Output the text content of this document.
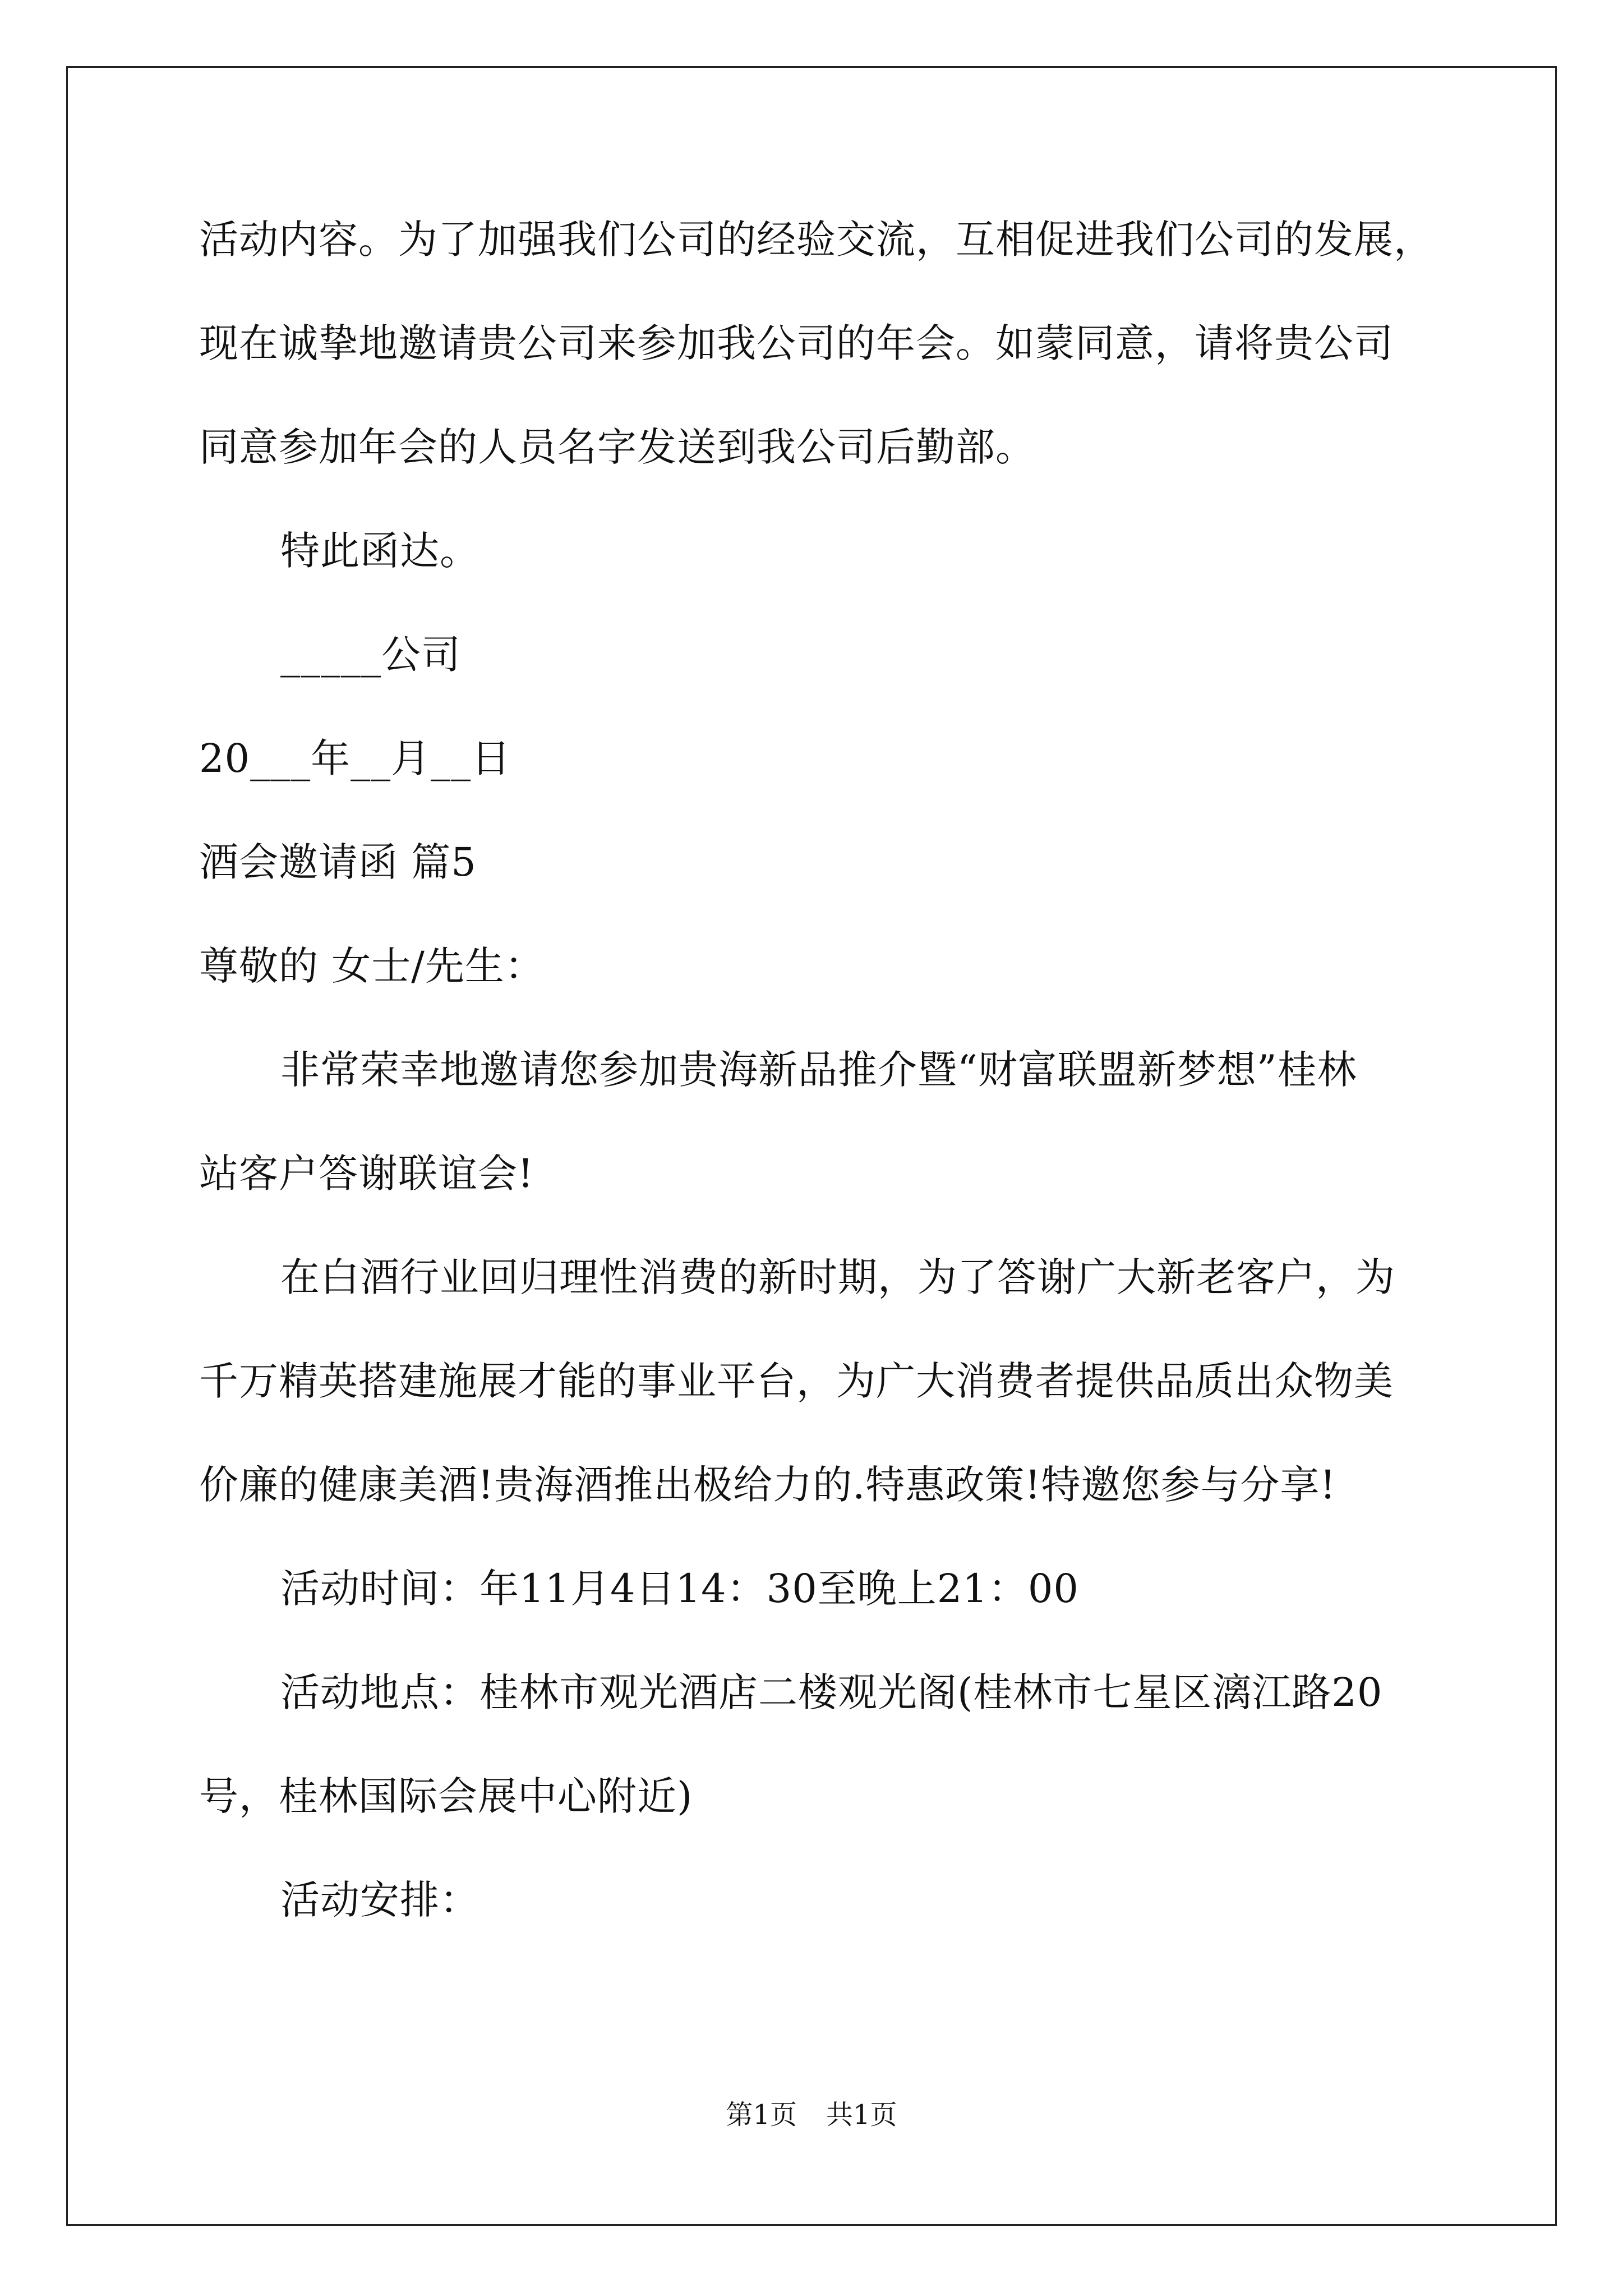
活动内容。为了加强我们公司的经验交流，互相促进我们公司的发展，
现在诚挚地邀请贵公司来参加我公司的年会。如蒙同意，请将贵公司
同意参加年会的人员名字发送到我公司后勤部。
特此函达。
_____公司
20___年__月__日
酒会邀请函 篇5
尊敬的 女士/先生：
非常荣幸地邀请您参加贵海新品推介暨“财富联盟新梦想”桂林
站客户答谢联谊会!
在白酒行业回归理性消费的新时期，为了答谢广大新老客户，为
千万精英搭建施展才能的事业平台，为广大消费者提供品质出众物美
价廉的健康美酒!贵海酒推出极给力的.特惠政策!特邀您参与分享!
活动时间：年11月4日14：30至晚上21：00
活动地点：桂林市观光酒店二楼观光阁(桂林市七星区漓江路20
号，桂林国际会展中心附近)
活动安排：
第1页 共1页
